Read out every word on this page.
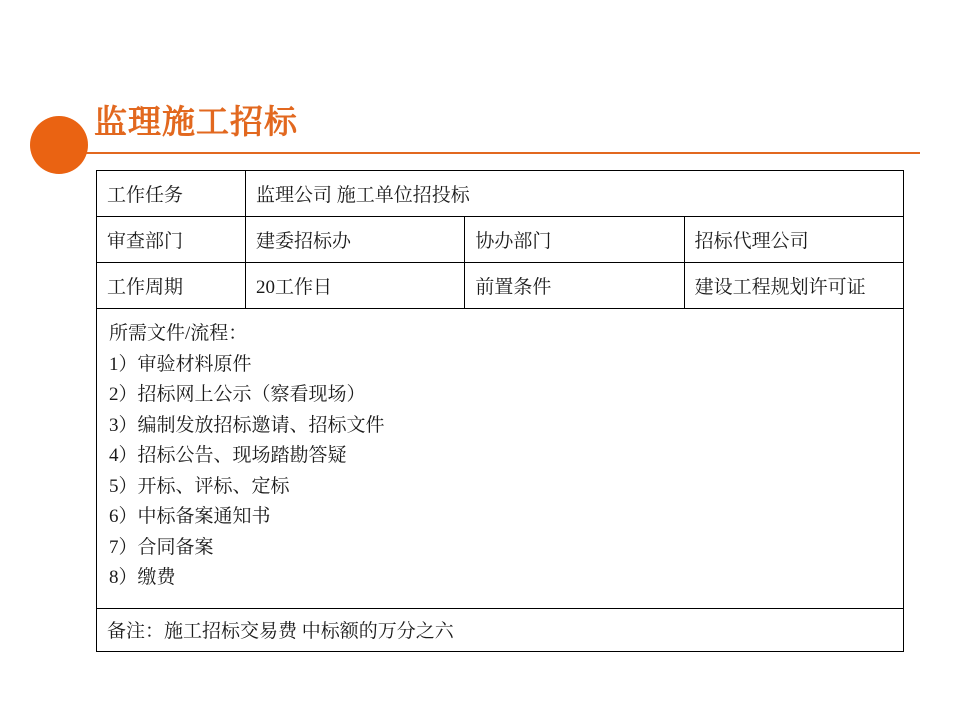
监理施工招标
工作任务	监理公司 施工单位招投标		
审查部门	建委招标办	协办部门	招标代理公司
工作周期	20工作日	前置条件	建设工程规划许可证

所需文件/流程：
1）审验材料原件
2）招标网上公示（察看现场）
3）编制发放招标邀请、招标文件
4）招标公告、现场踏勘答疑
5）开标、评标、定标
6）中标备案通知书
7）合同备案
8）缴费

备注：施工招标交易费 中标额的万分之六			
